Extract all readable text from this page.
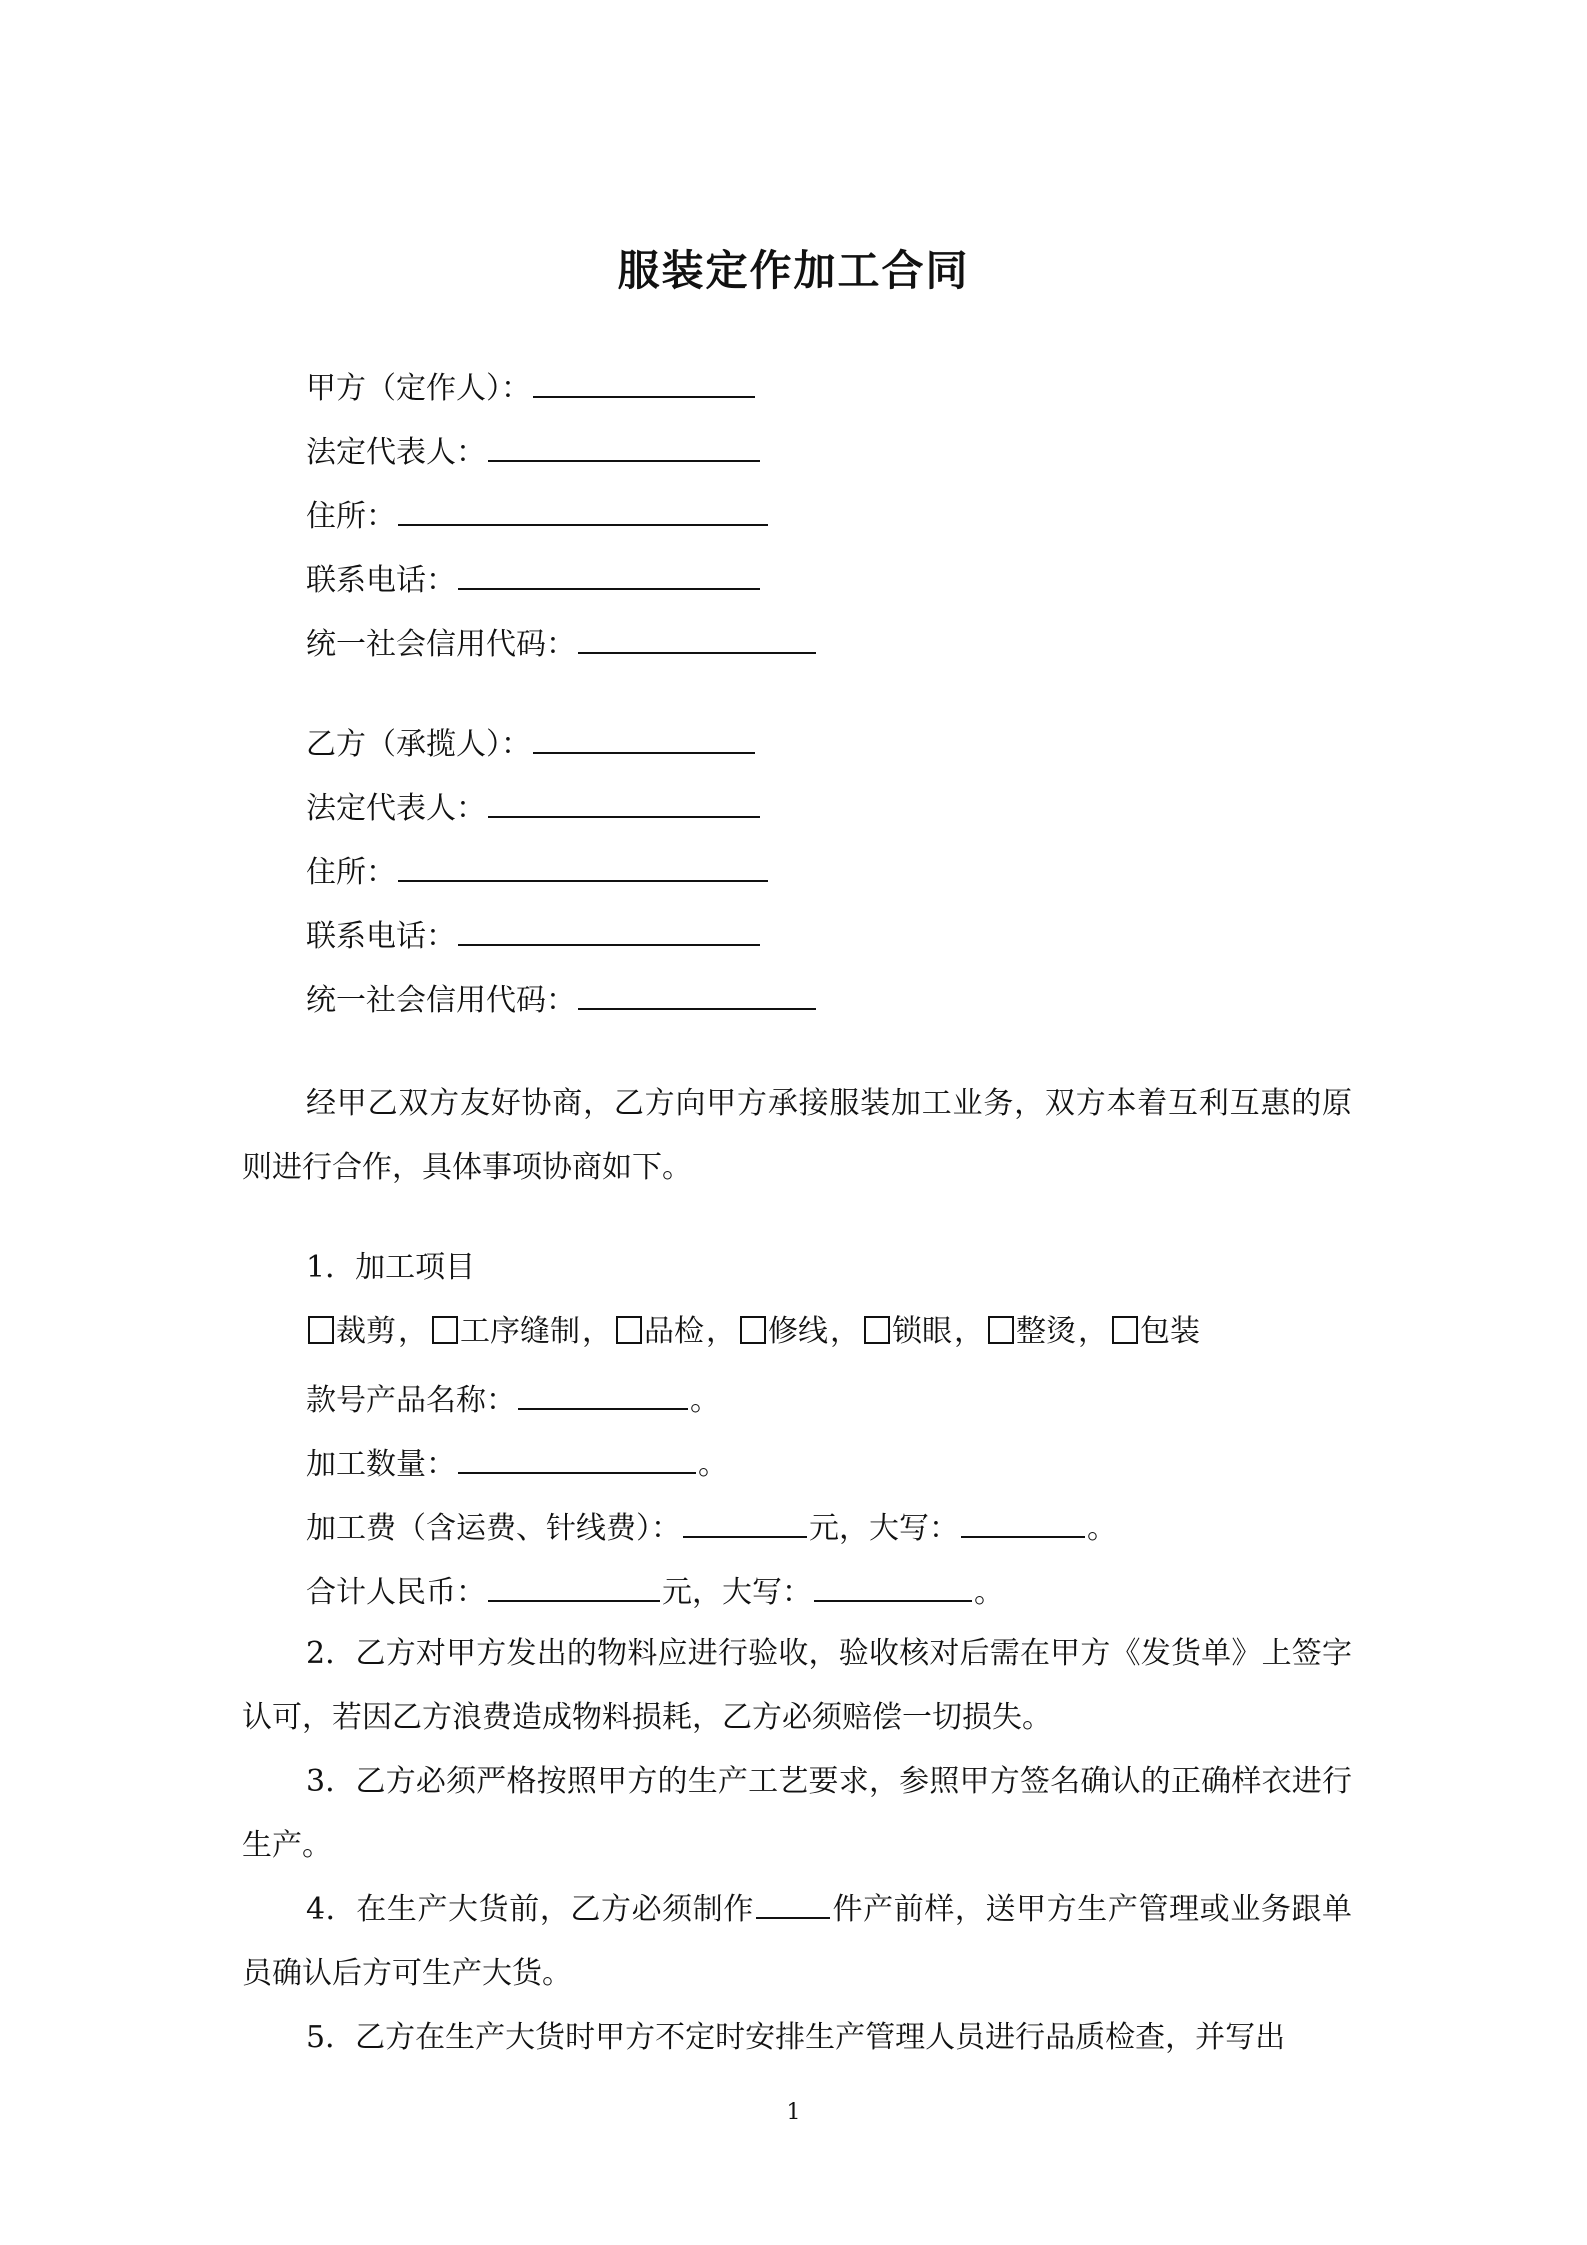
服装定作加工合同
甲方（定作人）：
法定代表人：
住所：
联系电话：
统一社会信用代码：
乙方（承揽人）：
法定代表人：
住所：
联系电话：
统一社会信用代码：
经甲乙双方友好协商，乙方向甲方承接服装加工业务，双方本着互利互惠的原则进行合作，具体事项协商如下。
1．加工项目
裁剪， 工序缝制， 品检， 修线， 锁眼， 整烫， 包装
款号产品名称：	。
加工数量：	。
加工费（含运费、针线费）：	元，大写：	。
合计人民币：	元，大写：	。
2．乙方对甲方发出的物料应进行验收，验收核对后需在甲方《发货单》上签字认可，若因乙方浪费造成物料损耗，乙方必须赔偿一切损失。
3．乙方必须严格按照甲方的生产工艺要求，参照甲方签名确认的正确样衣进行生产。
4．在生产大货前，乙方必须制作	件产前样，送甲方生产管理或业务跟单员确认后方可生产大货。
5．乙方在生产大货时甲方不定时安排生产管理人员进行品质检查，并写出
1
